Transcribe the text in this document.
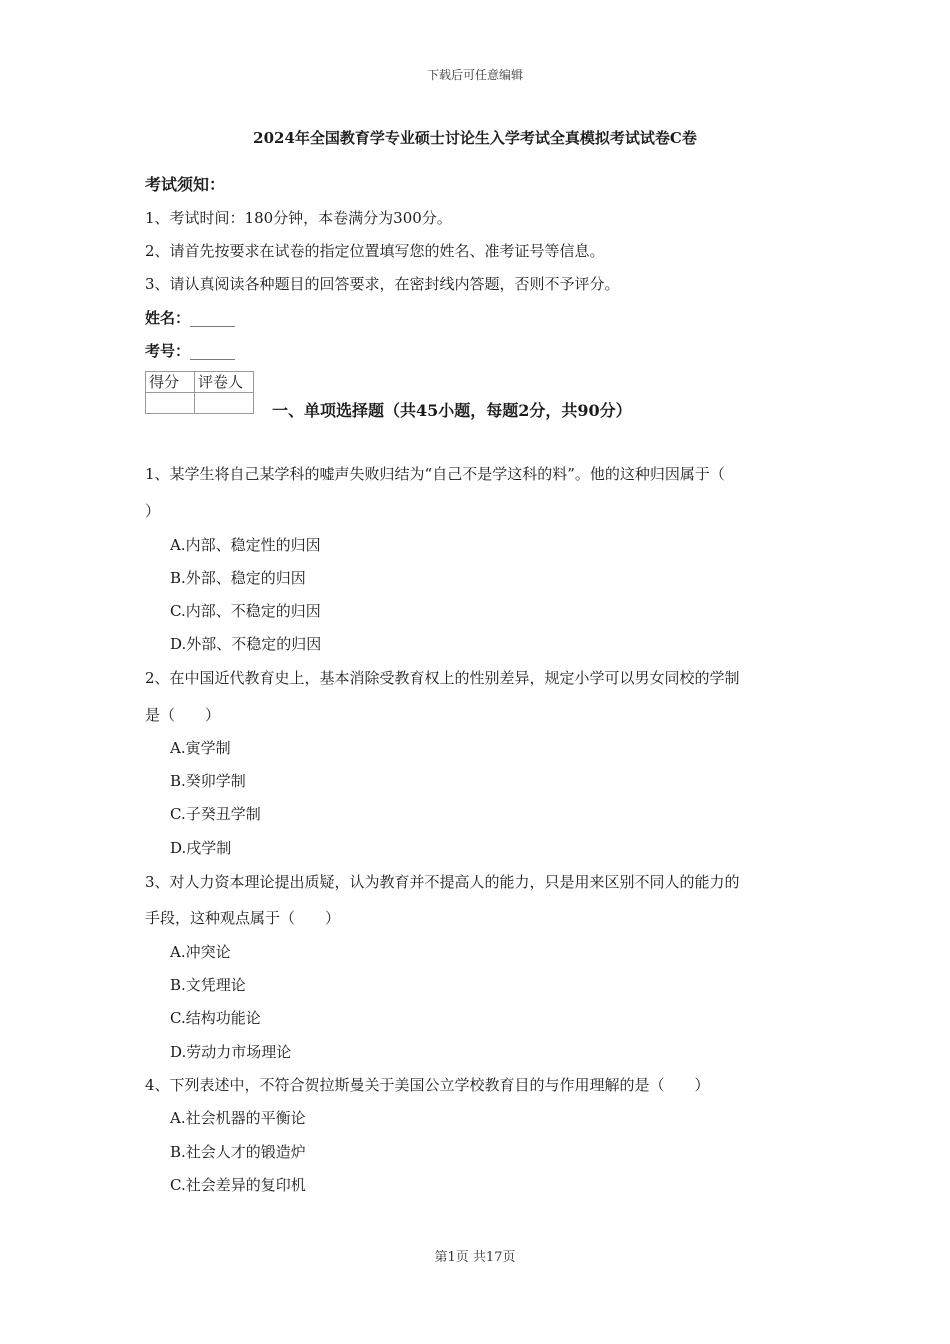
下载后可任意编辑
2024年全国教育学专业硕士讨论生入学考试全真模拟考试试卷C卷
考试须知：
1、考试时间：180分钟，本卷满分为300分。
2、请首先按要求在试卷的指定位置填写您的姓名、准考证号等信息。
3、请认真阅读各种题目的回答要求，在密封线内答题，否则不予评分。
姓名：______
考号：______
得分	评卷人

一、单项选择题（共45小题，每题2分，共90分）
1、某学生将自己某学科的嘘声失败归结为“自己不是学这科的料”。他的这种归因属于（
）
A.内部、稳定性的归因
B.外部、稳定的归因
C.内部、不稳定的归因
D.外部、不稳定的归因
2、在中国近代教育史上，基本消除受教育权上的性别差异，规定小学可以男女同校的学制
是（　　）
A.寅学制
B.癸卯学制
C.子癸丑学制
D.戌学制
3、对人力资本理论提出质疑，认为教育并不提高人的能力，只是用来区别不同人的能力的
手段，这种观点属于（　　）
A.冲突论
B.文凭理论
C.结构功能论
D.劳动力市场理论
4、下列表述中，不符合贺拉斯曼关于美国公立学校教育目的与作用理解的是（　　）
A.社会机器的平衡论
B.社会人才的锻造炉
C.社会差异的复印机
第1页 共17页
